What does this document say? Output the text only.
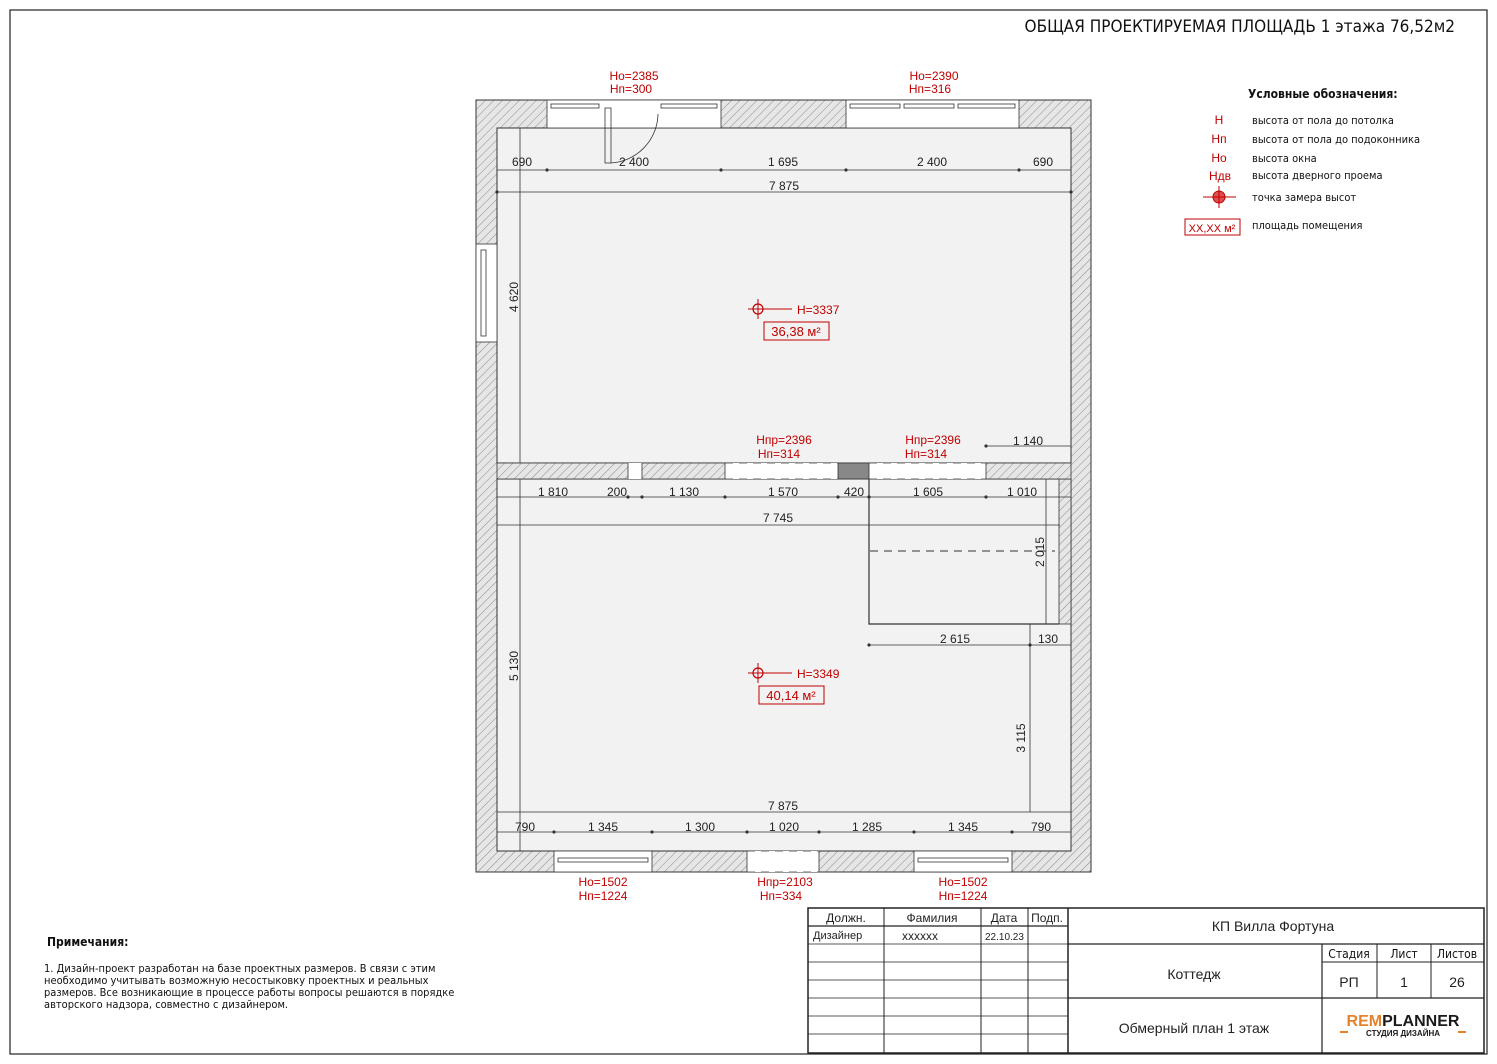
ОБЩАЯ ПРОЕКТИРУЕМАЯ ПЛОЩАДЬ 1 этажа 76,52м2
690	2 400	1 695	2 400	690
7 875
4 620
1 140
1 810	200	1 130	1 570	420	1 605	1 010
7 745
2 015
2 615	130
5 130
3 115
7 875
790	1 345	1 300	1 020	1 285	1 345	790
Hо=2385
Hп=300
Hо=2390
Hп=316
Hпр=2396
Hп=314
Hпр=2396
Hп=314
Hо=1502
Hп=1224
Hпр=2103
Hп=334
Hо=1502
Hп=1224
H=3337
36,38 м²
H=3349
40,14 м²
Условные обозначения:
H	высота от пола до потолка
Hп высота от пола до подоконника
Hо высота окна
Hдв высота дверного проема
точка замера высот
XX,XX м² площадь помещения
Примечания:
1. Дизайн-проект разработан на базе проектных размеров. В связи с этим
необходимо учитывать возможную несостыковку проектных и реальных
размеров. Все возникающие в процессе работы вопросы решаются в порядке
авторского надзора, совместно с дизайнером.
Должн.	Фамилия	Дата Подп.
Дизайнер	xxxxxx	22.10.23
КП Вилла Фортуна
Коттедж
Обмерный план 1 этаж
Стадия Лист Листов
РП	1	26
REMPLANNER
СТУДИЯ ДИЗАЙНА
